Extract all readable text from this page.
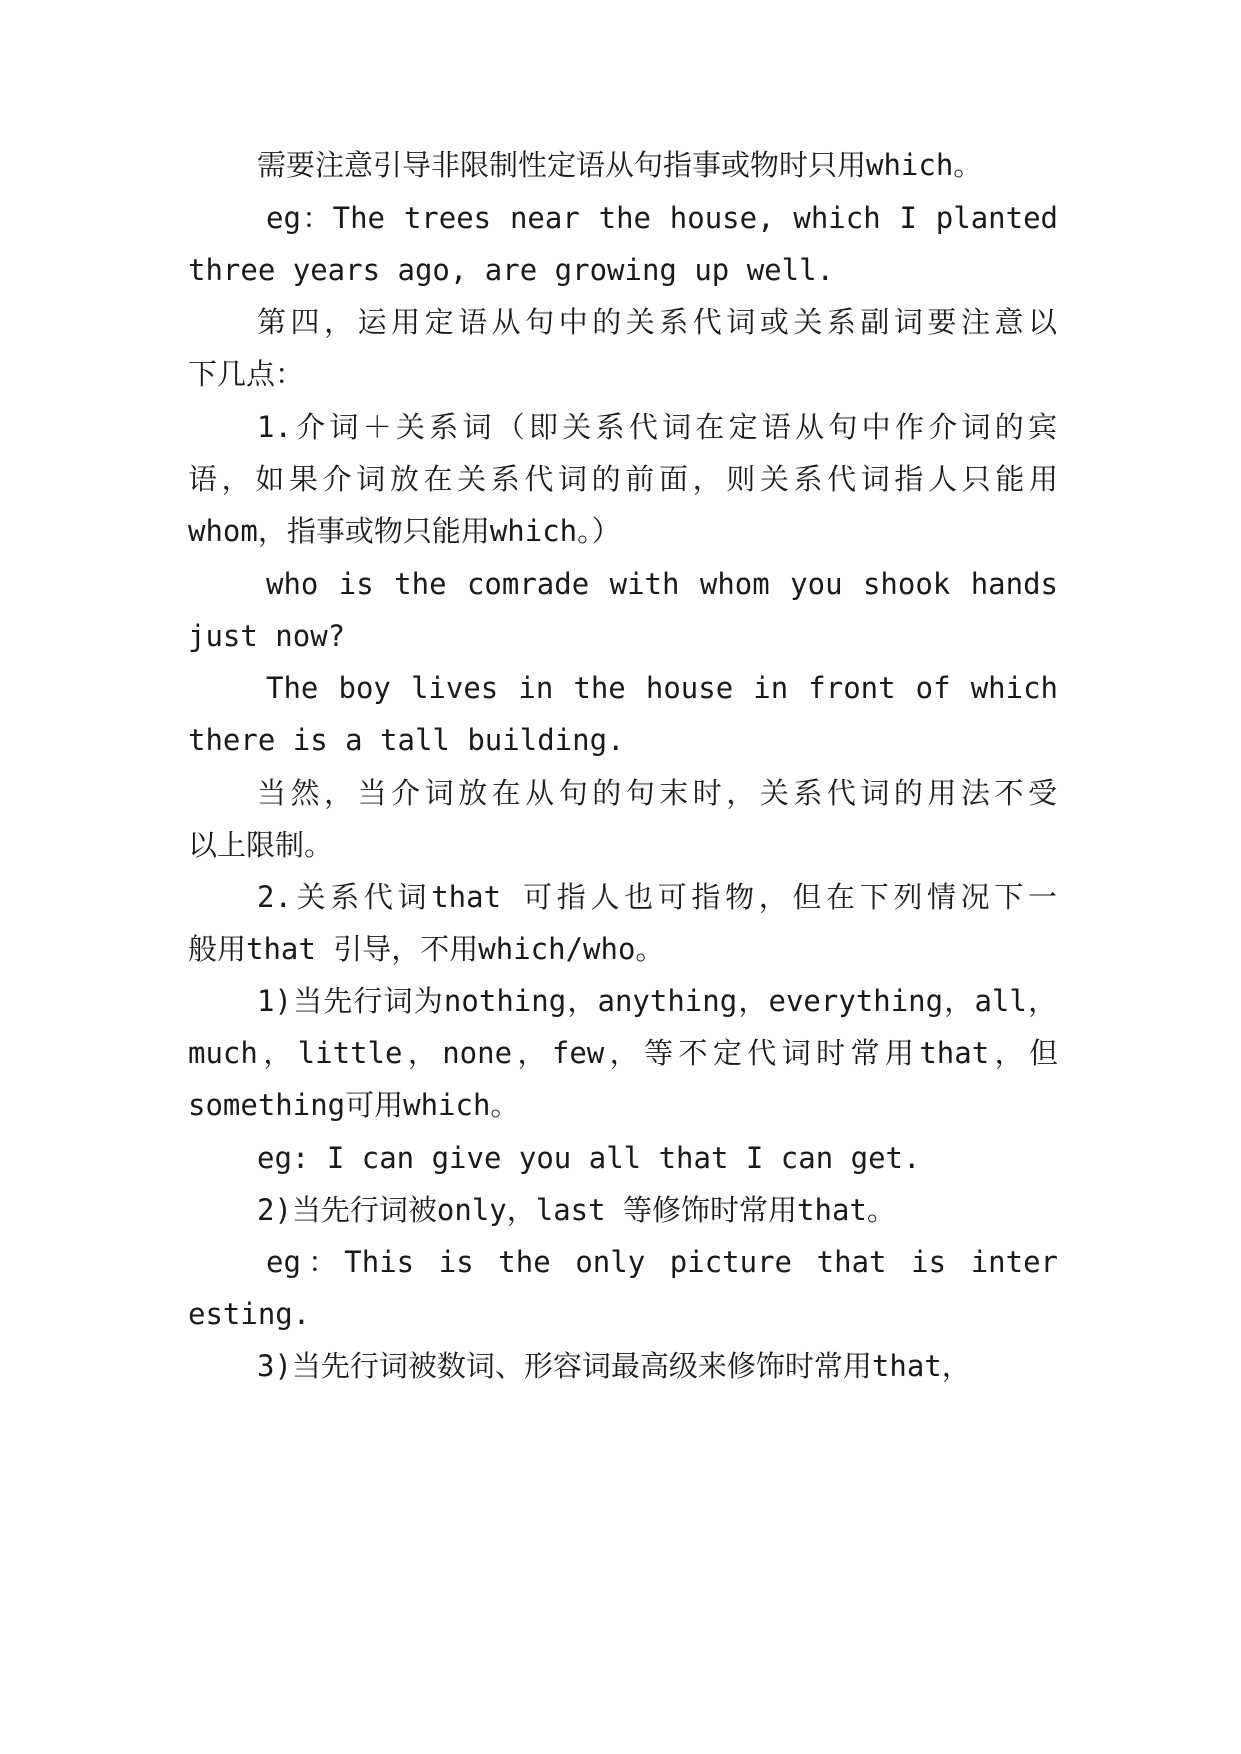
需要注意引导非限制性定语从句指事或物时只用which。
eg：The trees near the house, which I planted
three years ago, are growing up well.
第四，运用定语从句中的关系代词或关系副词要注意以
下几点：
1.介词＋关系词（即关系代词在定语从句中作介词的宾
语，如果介词放在关系代词的前面，则关系代词指人只能用
whom，指事或物只能用which。）
who is the comrade with whom you shook hands
just now?
The boy lives in the house in front of which
there is a tall building.
当然，当介词放在从句的句末时，关系代词的用法不受
以上限制。
2.关系代词that 可指人也可指物，但在下列情况下一
般用that 引导，不用which/who。
1)当先行词为nothing，anything，everything，all，
much，little，none，few，等不定代词时常用that，但
something可用which。
eg: I can give you all that I can get.
2)当先行词被only，last 等修饰时常用that。
eg：This is the only picture that is inter
esting.
3)当先行词被数词、形容词最高级来修饰时常用that，
